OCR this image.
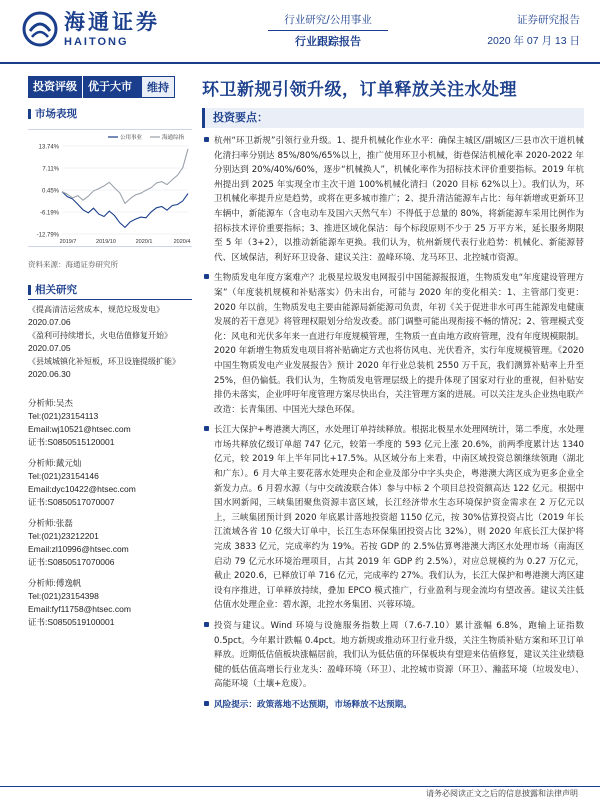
海通证券
HAITONG
行业研究/公用事业
行业跟踪报告
证券研究报告
2020 年 07 月 13 日
投资评级	优于大市	维持	环卫新规引领升级，订单释放关注水处理
市场表现
13.74%
7.11%
0.45%
-6.19%
-12.79%
2019/7	2019/10	2020/1	2020/4
公用事业	海通综指
资料来源：海通证券研究所
相关研究
《提高清洁运营成本，规范垃圾发电》
2020.07.06
《盈利可持续增长，火电估值修复开始》
2020.07.05
《县域城镇化补短板，环卫设施提级扩能》
2020.06.30
分析师:吴杰
Tel:(021)23154113
Email:wj10521@htsec.com
证书:S0850515120001
分析师:戴元灿
Tel:(021)23154146
Email:dyc10422@htsec.com
证书:S0850517070007
分析师:张磊
Tel:(021)23212201
Email:zl10996@htsec.com
证书:S0850517070006
分析师:傅逸帆
Tel:(021)23154398
Email:fyf11758@htsec.com
证书:S0850519100001
投资要点：
杭州“环卫新规”引领行业升级。1、提升机械化作业水平：确保主城区/副城区/三县市次干道机械化清扫率分别达 85%/80%/65%以上，推广使用环卫小机械，街巷保洁机械化率 2020-2022 年分别达到 20%/40%/60%，逐步“机械换人”，机械化率作为招标技术评价重要指标。2019 年杭州提出到 2025 年实现全市主次干道 100%机械化清扫（2020 目标 62%以上）。我们认为，环卫机械化率提升应是趋势，或将在更多城市推广；2、提升清洁能源车占比：每年新增或更新环卫车辆中，新能源车（含电动车及国六天然气车）不得低于总量的 80%，将新能源车采用比例作为招标技术评价重要指标；3、推进区域化保洁：每个标段原则不少于 25 万平方米，延长服务期限至 5 年（3+2），以推动新能源车更换。我们认为，杭州新规代表行业趋势：机械化、新能源替代、区域保洁，利好环卫设备、建议关注：盈峰环境、龙马环卫、北控城市资源。
生物质发电年度方案难产？北极星垃圾发电网报引中国能源报报道，生物质发电“年度建设管理方案”（年度装机规模和补贴落实）仍未出台，可能与 2020 年的变化相关：1、主管部门变更：2020 年以前，生物质发电主要由能源局新能源司负责，年初《关于促进非水可再生能源发电健康发展的若干意见》将管理权限划分给发改委。部门调整可能出现衔接不畅的情况；2、管理模式变化：风电和光伏多年来一直进行年度规模管理，生物质一直由地方政府管理，没有年度规模限制。2020 年新增生物质发电项目将补贴确定方式也将仿风电、光伏看齐，实行年度规模管理。《2020 中国生物质发电产业发展报告》预计 2020 年行业总装机 2550 万千瓦，我们测算补贴率上升至 25%，但仍偏低。我们认为，生物质发电管理层级上的提升体现了国家对行业的重视，但补贴安排仍未落实，企业呼吁年度管理方案尽快出台，关注管理方案的进展。可以关注龙头企业热电联产改造：长青集团、中国光大绿色环保。
长江大保护+粤港澳大湾区，水处理订单持续释放。根据北极星水处理网统计，第二季度，水处理市场共释放亿级订单超 747 亿元，较第一季度的 593 亿元上涨 20.6%，前两季度累计达 1340 亿元，较 2019 年上半年同比+17.5%。从区域分布上来看，中南区域投资总额继续领跑（湖北和广东）。6 月大单主要花落水处理央企和企业及部分中字头央企，粤港澳大湾区成为更多企业全新发力点。6 月碧水源（与中交疏浚联合体）参与中标 2 个项目总投资额高达 122 亿元。根据中国水网新闻，三峡集团聚焦资源丰富区域，长江经济带水生态环境保护资金需求在 2 万亿元以上，三峡集团预计到 2020 年底累计落地投资超 1150 亿元，按 30%估算投资占比（2019 年长江流域各省 10 亿级大订单中，长江生态环保集团投资占比 32%），则 2020 年底长江大保护将完成 3833 亿元，完成率约为 19%。若按 GDP 的 2.5%估算粤港澳大湾区水处理市场（南海区启动 79 亿元水环境治理项目，占其 2019 年 GDP 约 2.5%），对应总规模约为 0.27 万亿元，截止 2020.6，已释放订单 716 亿元，完成率约 27%。我们认为，长江大保护和粤港澳大湾区建设有序推进，订单释放持续，叠加 EPCO 模式推广，行业盈利与现金流均有望改善。建议关注低估值水处理企业：碧水源，北控水务集团、兴蓉环境。
投资与建议。Wind 环境与设施服务指数上周（7.6-7.10）累计涨幅 6.8%，跑输上证指数 0.5pct。今年累计跌幅 0.4pct。地方新规或推动环卫行业升级，关注生物质补贴方案和环卫订单释放。近期低估值板块涨幅居前，我们认为低估值的环保板块有望迎来估值修复，建议关注业绩稳健的低估值高增长行业龙头：盈峰环境（环卫）、北控城市资源（环卫）、瀚蓝环境（垃圾发电）、高能环境（土壤+危废）。
风险提示：政策落地不达预期，市场释放不达预期。
请务必阅读正文之后的信息披露和法律声明
